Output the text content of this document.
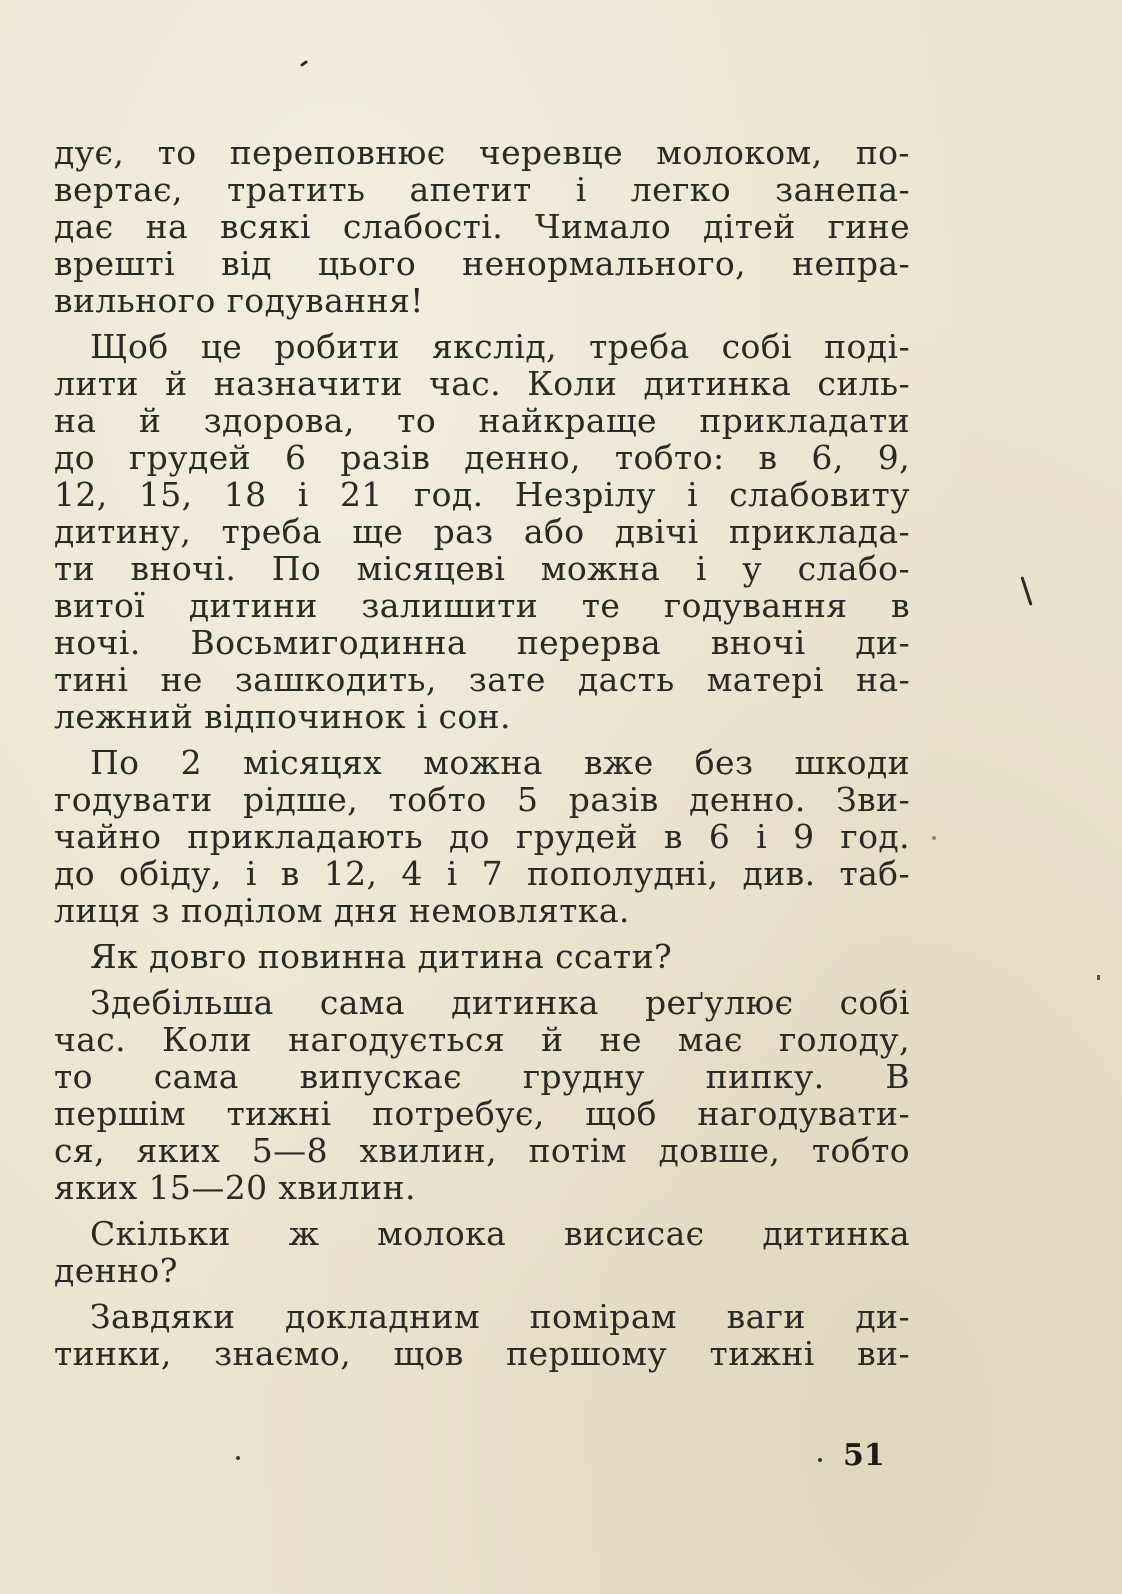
дує, то переповнює черевце молоком, по-
вертає, тратить апетит і легко занепа-
дає на всякі слабості. Чимало дітей гине
врешті від цього ненормального, непра-
вильного годування!

Щоб це робити якслід, треба собі поді-
лити й назначити час. Коли дитинка силь-
на й здорова, то найкраще прикладати
до грудей 6 разів денно, тобто: в 6, 9,
12, 15, 18 і 21 год. Незрілу і слабовиту
дитину, треба ще раз або двічі приклада-
ти вночі. По місяцеві можна і у слабо-
витої дитини залишити те годування в
ночі. Восьмигодинна перерва вночі ди-
тині не зашкодить, зате дасть матері на-
лежний відпочинок і сон.

По 2 місяцях можна вже без шкоди
годувати рідше, тобто 5 разів денно. Зви-
чайно прикладають до грудей в 6 і 9 год.
до обіду, і в 12, 4 і 7 пополудні, див. таб-
лиця з поділом дня немовлятка.

Як довго повинна дитина ссати?

Здебільша сама дитинка реґулює собі
час. Коли нагодується й не має голоду,
то сама випускає грудну пипку. В
першім тижні потребує, щоб нагодувати-
ся, яких 5—8 хвилин, потім довше, тобто
яких 15—20 хвилин.

Скільки ж молока висисає дитинка
денно?

Завдяки докладним помірам ваги ди-
тинки, знаємо, щов першому тижні ви-

51
